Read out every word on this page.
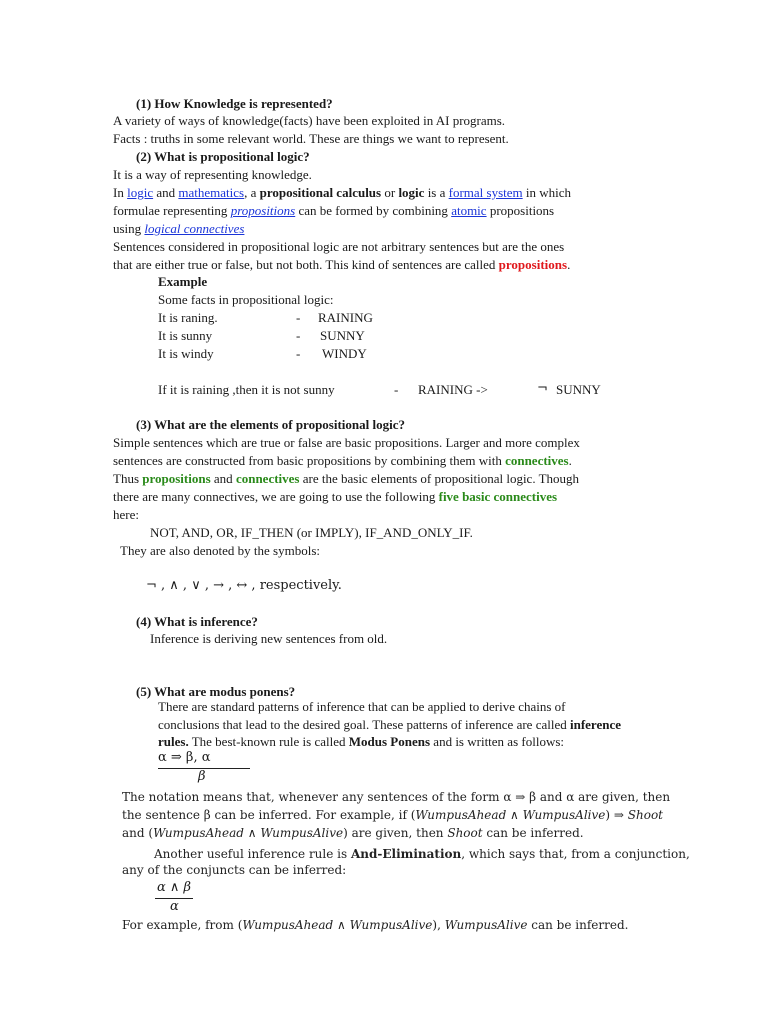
(1) How Knowledge is represented?
A variety of ways of knowledge(facts) have been exploited in AI programs.
Facts : truths in some relevant world. These are things we want to represent.
(2) What is propositional logic?
It is a way of representing knowledge.
In logic and mathematics, a propositional calculus or logic is a formal system in which
formulae representing propositions can be formed by combining atomic propositions
using logical connectives
Sentences considered in propositional logic are not arbitrary sentences but are the ones
that are either true or false, but not both. This kind of sentences are called propositions.
Example
Some facts in propositional logic:
It is raning.	- RAINING
It is sunny	- SUNNY
It is windy	- WINDY
If it is raining ,then it is not sunny	- RAINING ->	¬ SUNNY
(3) What are the elements of propositional logic?
Simple sentences which are true or false are basic propositions. Larger and more complex
sentences are constructed from basic propositions by combining them with connectives.
Thus propositions and connectives are the basic elements of propositional logic. Though
there are many connectives, we are going to use the following five basic connectives
here:
NOT, AND, OR, IF_THEN (or IMPLY), IF_AND_ONLY_IF.
They are also denoted by the symbols:
¬ , ∧ , ∨ , → , ↔ , respectively.
(4) What is inference?
Inference is deriving new sentences from old.
(5) What are modus ponens?
There are standard patterns of inference that can be applied to derive chains of
conclusions that lead to the desired goal. These patterns of inference are called inference
rules. The best-known rule is called Modus Ponens and is written as follows:
α ⇒ β, α
β
The notation means that, whenever any sentences of the form α ⇒ β and α are given, then
the sentence β can be inferred. For example, if (WumpusAhead ∧ WumpusAlive) ⇒ Shoot
and (WumpusAhead ∧ WumpusAlive) are given, then Shoot can be inferred.
Another useful inference rule is And-Elimination, which says that, from a conjunction,
any of the conjuncts can be inferred:
α ∧ β
α
For example, from (WumpusAhead ∧ WumpusAlive), WumpusAlive can be inferred.
